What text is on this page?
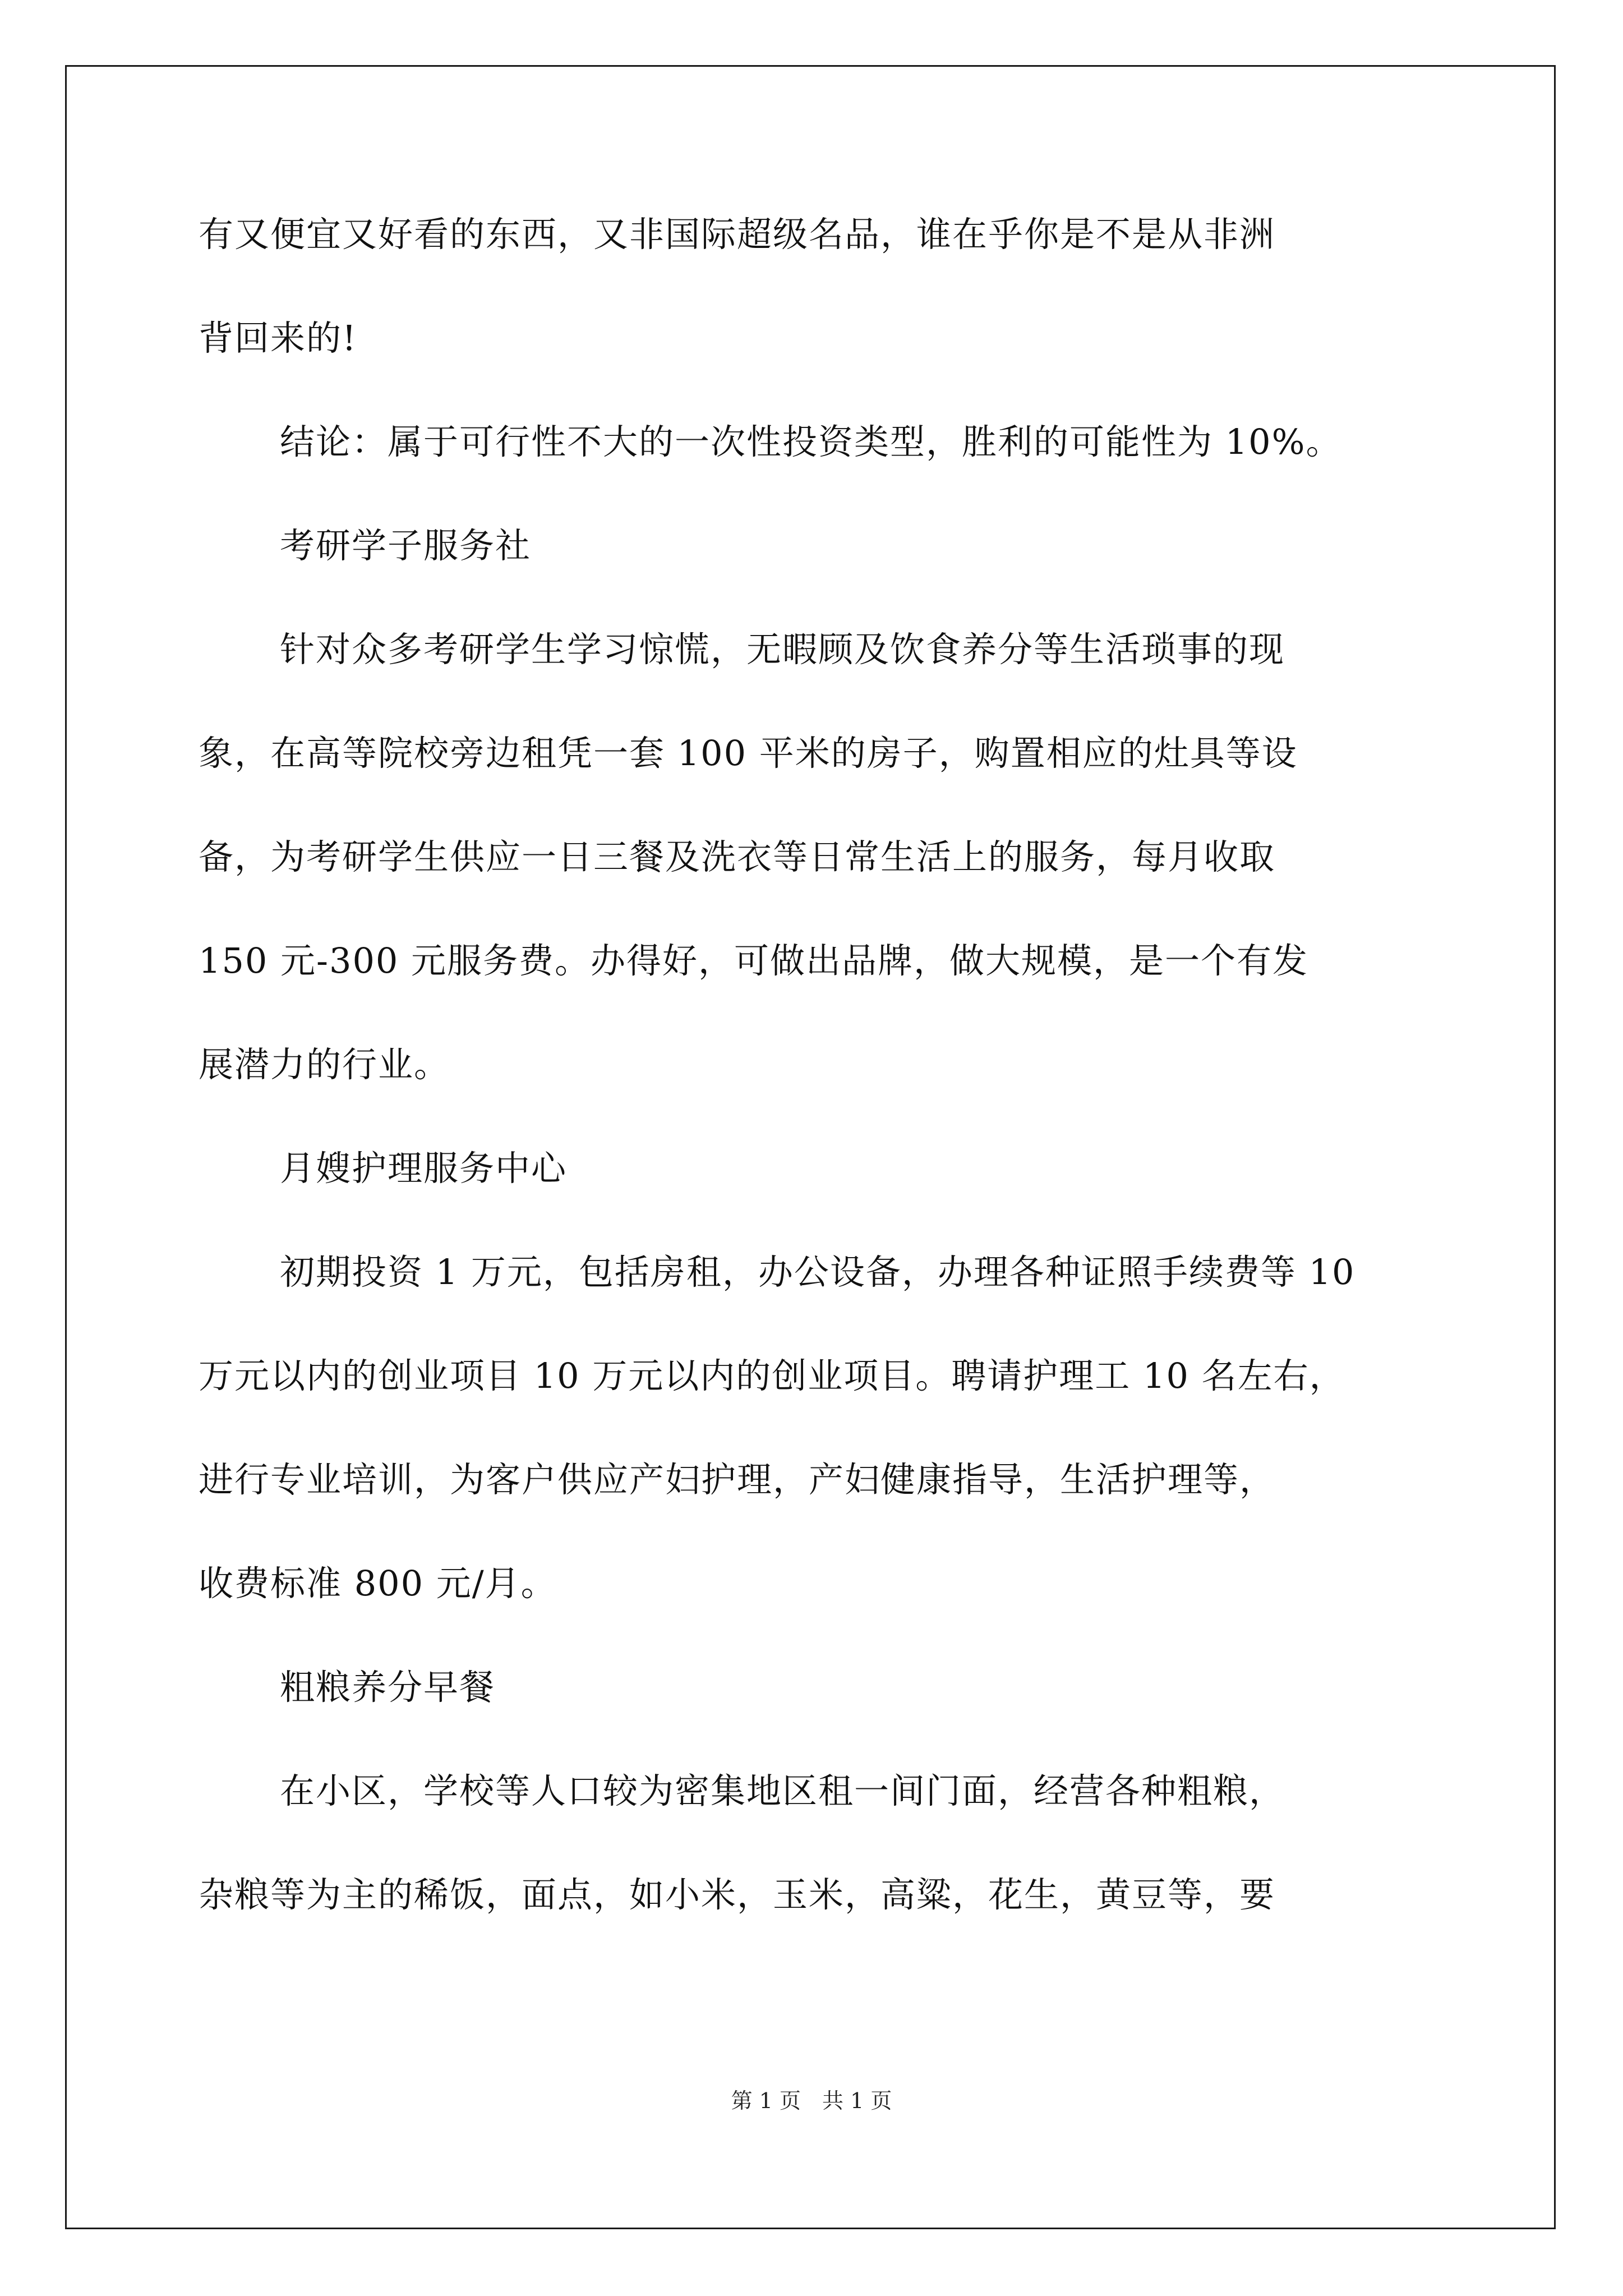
有又便宜又好看的东西，又非国际超级名品，谁在乎你是不是从非洲
背回来的!
结论：属于可行性不大的一次性投资类型，胜利的可能性为 10%。
考研学子服务社
针对众多考研学生学习惊慌，无暇顾及饮食养分等生活琐事的现
象，在高等院校旁边租凭一套 100 平米的房子，购置相应的灶具等设
备，为考研学生供应一日三餐及洗衣等日常生活上的服务，每月收取
150 元-300 元服务费。办得好，可做出品牌，做大规模，是一个有发
展潜力的行业。
月嫂护理服务中心
初期投资 1 万元，包括房租，办公设备，办理各种证照手续费等 10
万元以内的创业项目 10 万元以内的创业项目。聘请护理工 10 名左右，
进行专业培训，为客户供应产妇护理，产妇健康指导，生活护理等，
收费标准 800 元/月。
粗粮养分早餐
在小区，学校等人口较为密集地区租一间门面，经营各种粗粮，
杂粮等为主的稀饭，面点，如小米，玉米，高粱，花生，黄豆等，要
第 1 页　共 1 页
